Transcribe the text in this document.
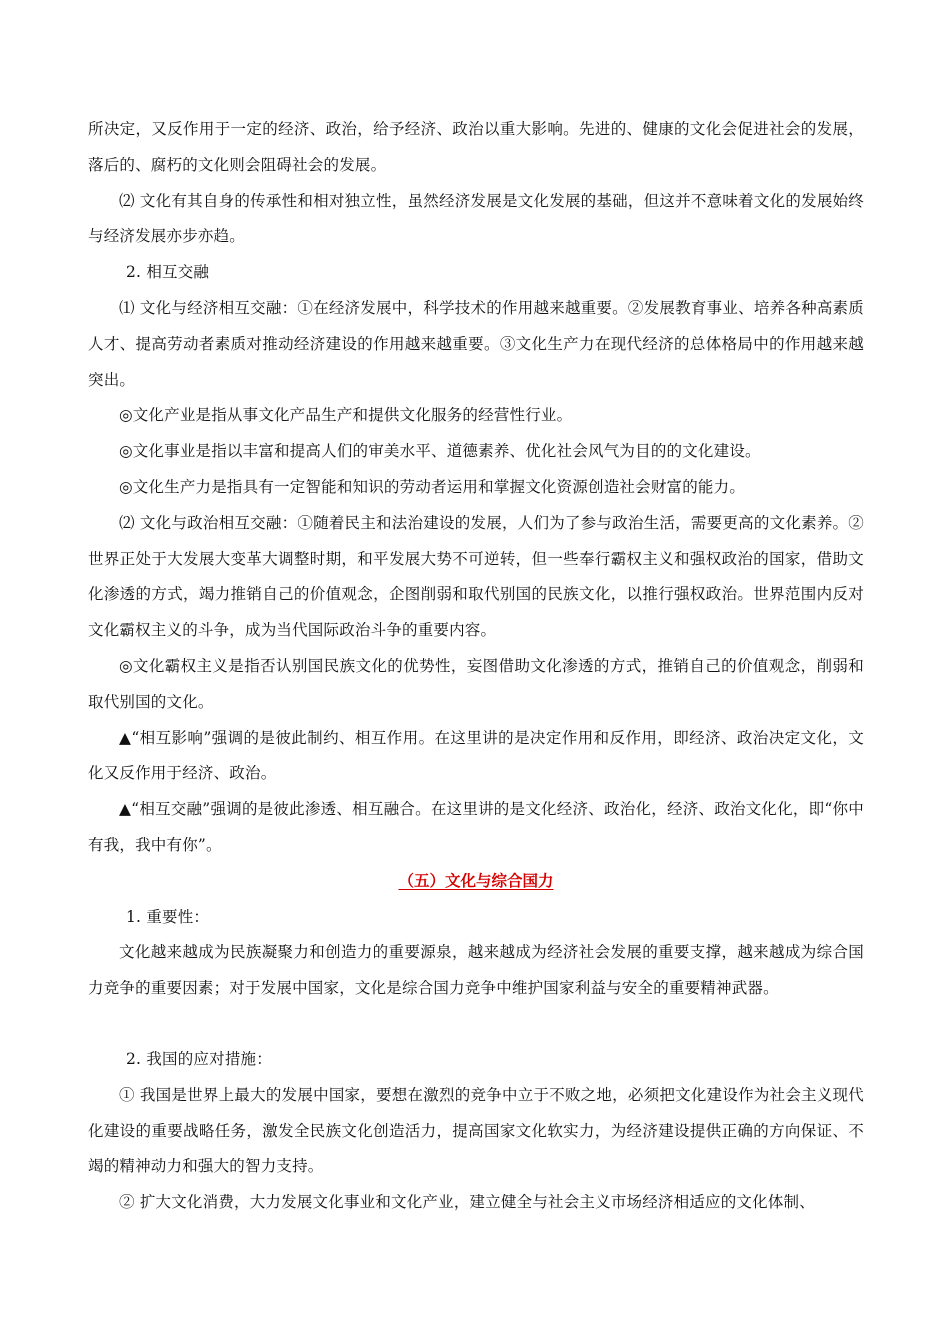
所决定，又反作用于一定的经济、政治，给予经济、政治以重大影响。先进的、健康的文化会促进社会的发展，落后的、腐朽的文化则会阻碍社会的发展。

⑵ 文化有其自身的传承性和相对独立性，虽然经济发展是文化发展的基础，但这并不意味着文化的发展始终与经济发展亦步亦趋。

2. 相互交融

⑴ 文化与经济相互交融：①在经济发展中，科学技术的作用越来越重要。②发展教育事业、培养各种高素质人才、提高劳动者素质对推动经济建设的作用越来越重要。③文化生产力在现代经济的总体格局中的作用越来越突出。

◎文化产业是指从事文化产品生产和提供文化服务的经营性行业。

◎文化事业是指以丰富和提高人们的审美水平、道德素养、优化社会风气为目的的文化建设。

◎文化生产力是指具有一定智能和知识的劳动者运用和掌握文化资源创造社会财富的能力。

⑵ 文化与政治相互交融：①随着民主和法治建设的发展，人们为了参与政治生活，需要更高的文化素养。②世界正处于大发展大变革大调整时期，和平发展大势不可逆转，但一些奉行霸权主义和强权政治的国家，借助文化渗透的方式，竭力推销自己的价值观念，企图削弱和取代别国的民族文化，以推行强权政治。世界范围内反对文化霸权主义的斗争，成为当代国际政治斗争的重要内容。

◎文化霸权主义是指否认别国民族文化的优势性，妄图借助文化渗透的方式，推销自己的价值观念，削弱和取代别国的文化。

▲“相互影响”强调的是彼此制约、相互作用。在这里讲的是决定作用和反作用，即经济、政治决定文化，文化又反作用于经济、政治。

▲“相互交融”强调的是彼此渗透、相互融合。在这里讲的是文化经济、政治化，经济、政治文化化，即“你中有我，我中有你”。

（五）文化与综合国力

1. 重要性：

文化越来越成为民族凝聚力和创造力的重要源泉，越来越成为经济社会发展的重要支撑，越来越成为综合国力竞争的重要因素；对于发展中国家，文化是综合国力竞争中维护国家利益与安全的重要精神武器。

2. 我国的应对措施：

① 我国是世界上最大的发展中国家，要想在激烈的竞争中立于不败之地，必须把文化建设作为社会主义现代化建设的重要战略任务，激发全民族文化创造活力，提高国家文化软实力，为经济建设提供正确的方向保证、不竭的精神动力和强大的智力支持。

② 扩大文化消费，大力发展文化事业和文化产业，建立健全与社会主义市场经济相适应的文化体制、
